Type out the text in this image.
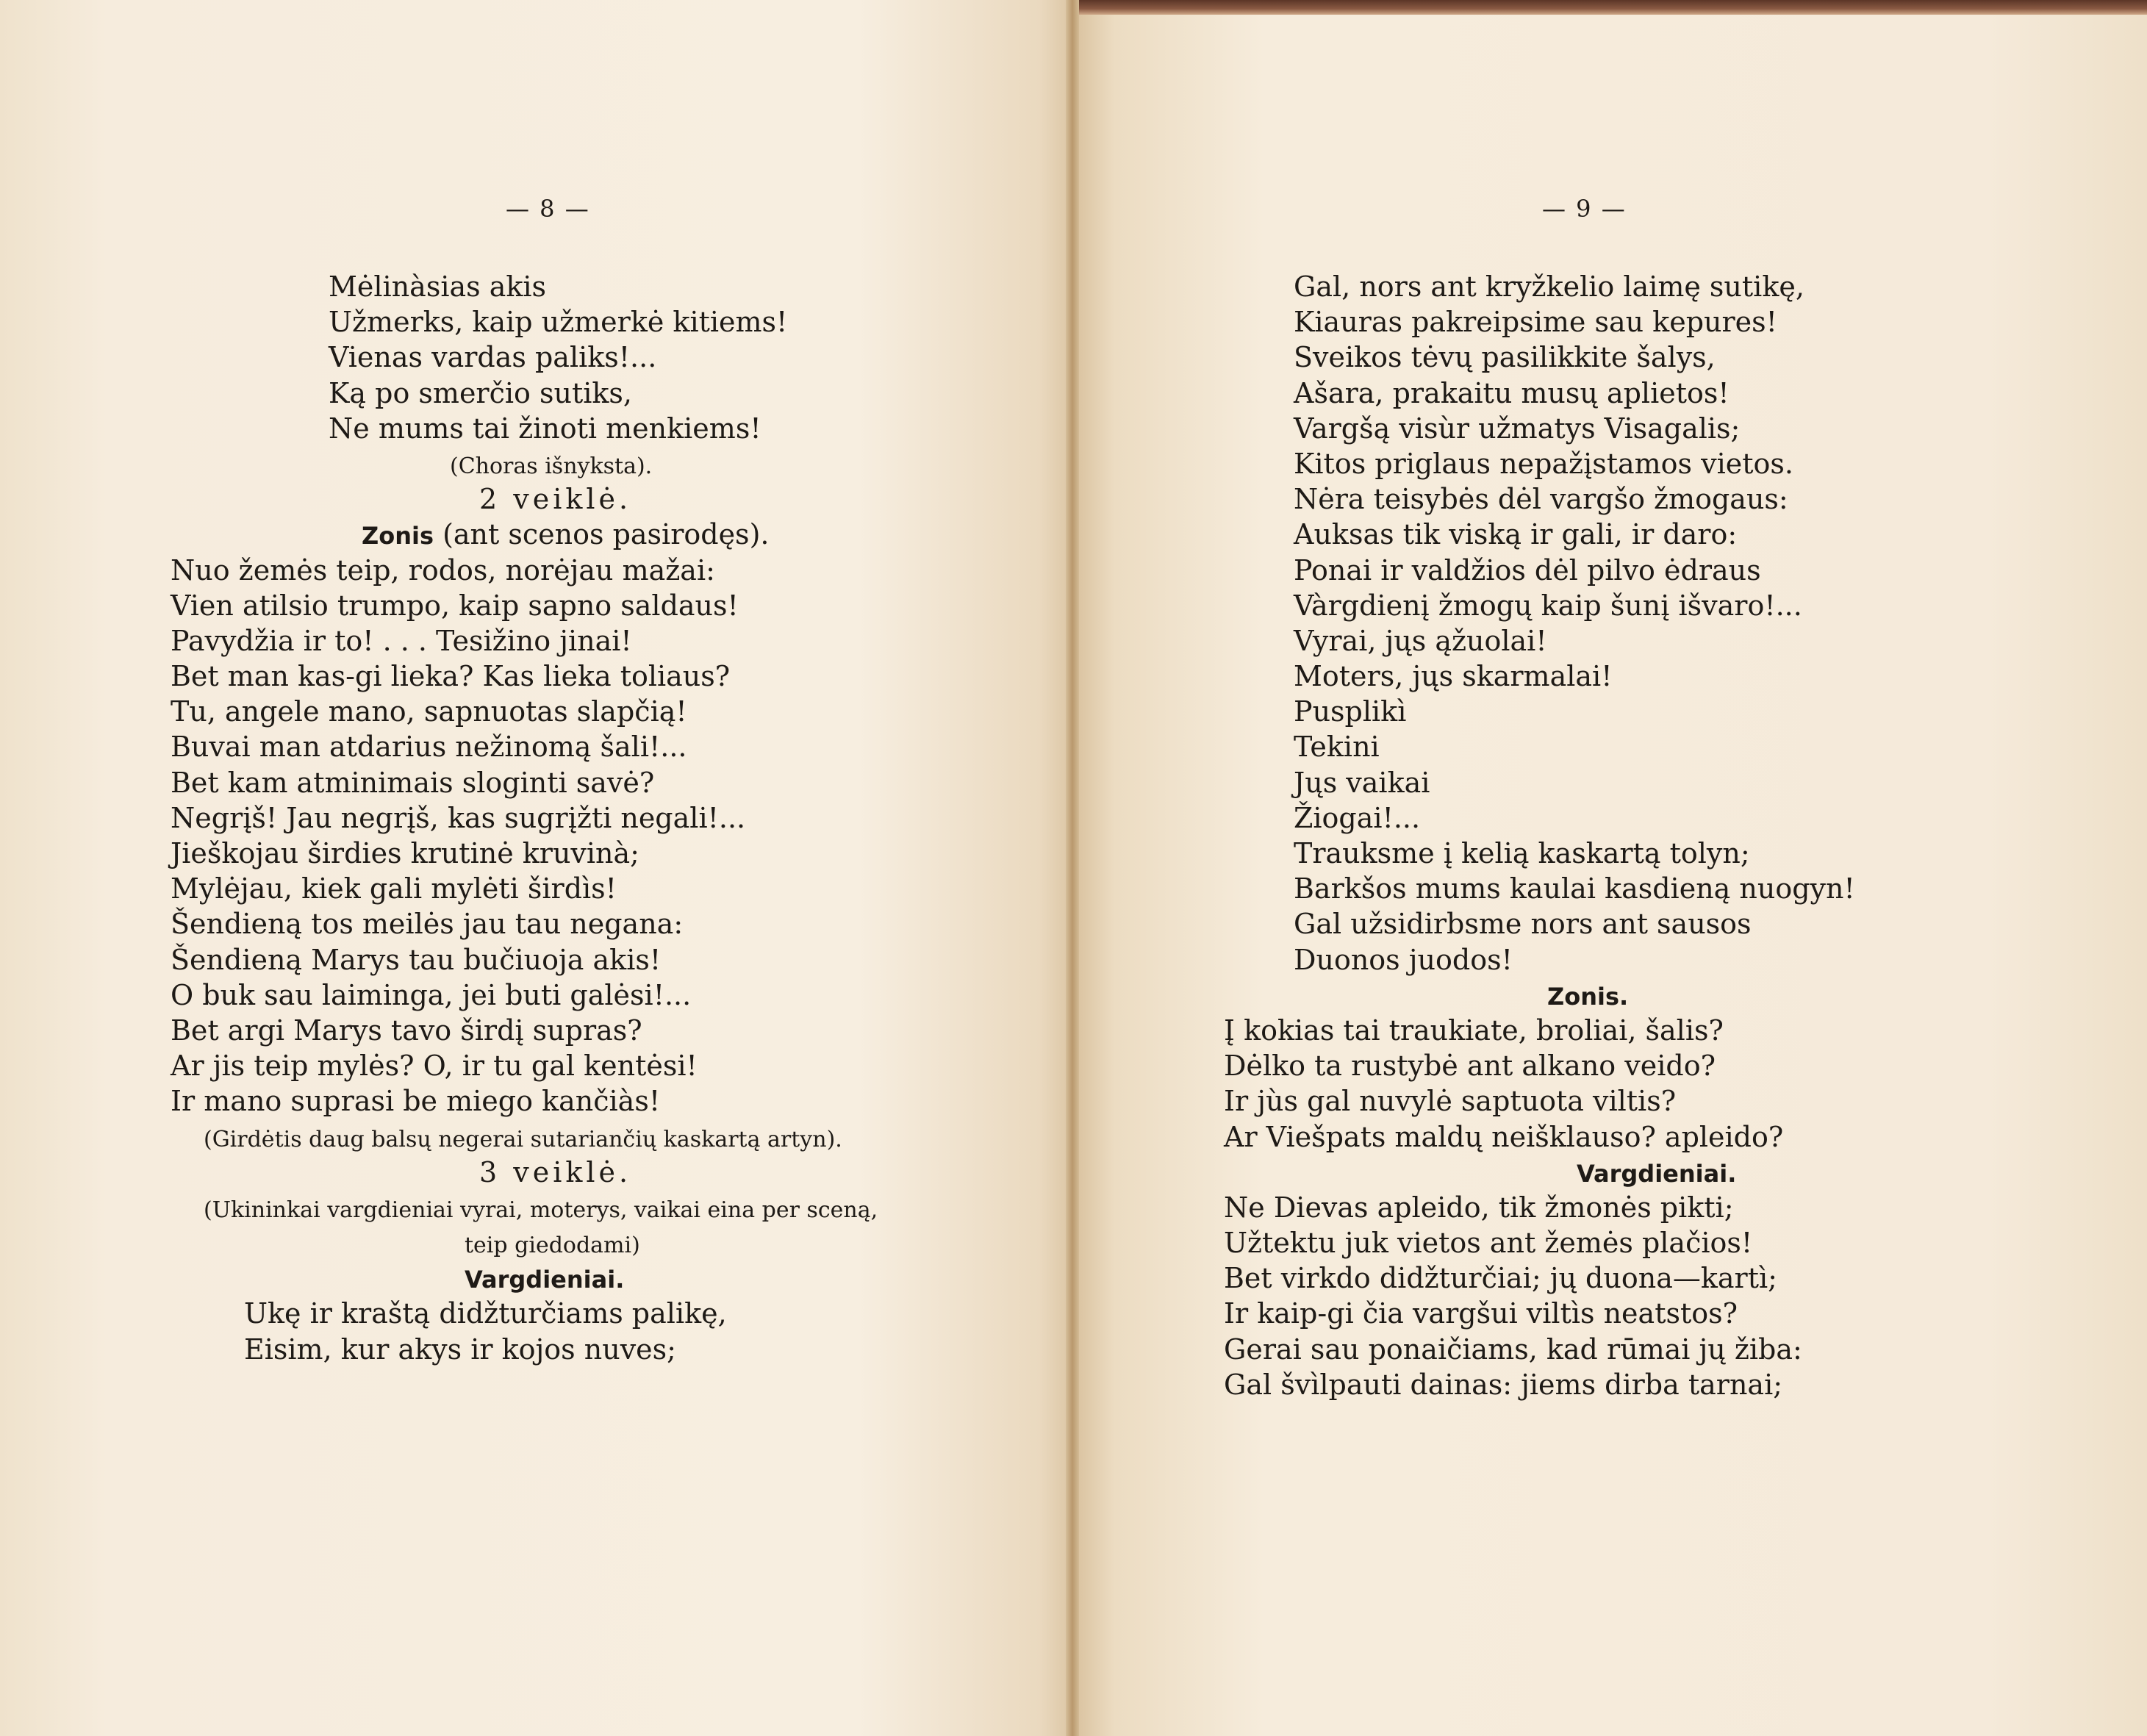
— 8 —	— 9 —
Mėlinàsias akis
Užmerks, kaip užmerkė kitiems!
Vienas vardas paliks!...
Ką po smerčio sutiks,
Ne mums tai žinoti menkiems!
(Choras išnyksta).
2 veiklė.
Zonis (ant scenos pasirodęs).
Nuo žemės teip, rodos, norėjau mažai:
Vien atilsio trumpo, kaip sapno saldaus!
Pavydžia ir to! . . . Tesižino jinai!
Bet man kas-gi lieka? Kas lieka toliaus?
Tu, angele mano, sapnuotas slapčią!
Buvai man atdarius nežinomą šali!...
Bet kam atminimais sloginti savė?
Negrįš! Jau negrįš, kas sugrįžti negali!...
Jieškojau širdies krutinė kruvinà;
Mylėjau, kiek gali mylėti širdìs!
Šendieną tos meilės jau tau negana:
Šendieną Marys tau bučiuoja akis!
O buk sau laiminga, jei buti galėsi!...
Bet argi Marys tavo širdį supras?
Ar jis teip mylės? O, ir tu gal kentėsi!
Ir mano suprasi be miego kančiàs!
(Girdėtis daug balsų negerai sutariančių kaskartą artyn).
3 veiklė.
(Ukininkai vargdieniai vyrai, moterys, vaikai eina per sceną,
teip giedodami)
Vargdieniai.
Ukę ir kraštą didžturčiams palikę,
Eisim, kur akys ir kojos nuves;
Gal, nors ant kryžkelio laimę sutikę,
Kiauras pakreipsime sau kepures!
Sveikos tėvų pasilikkite šalys,
Ašara, prakaitu musų aplietos!
Vargšą visùr užmatys Visagalis;
Kitos priglaus nepažįstamos vietos.
Nėra teisybės dėl vargšo žmogaus:
Auksas tik viską ir gali, ir daro:
Ponai ir valdžios dėl pilvo ėdraus
Vàrgdienį žmogų kaip šunį išvaro!...
Vyrai, jųs ąžuolai!
Moters, jųs skarmalai!
Pusplikì
Tekini
Jųs vaikai
Žiogai!...
Trauksme į kelią kaskartą tolyn;
Barkšos mums kaulai kasdieną nuogyn!
Gal užsidirbsme nors ant sausos
Duonos juodos!
Zonis.
Į kokias tai traukiate, broliai, šalis?
Dėlko ta rustybė ant alkano veido?
Ir jùs gal nuvylė saptuota viltis?
Ar Viešpats maldų neišklauso? apleido?
Vargdieniai.
Ne Dievas apleido, tik žmonės pikti;
Užtektu juk vietos ant žemės plačios!
Bet virkdo didžturčiai; jų duona—kartì;
Ir kaip-gi čia vargšui viltìs neatstos?
Gerai sau ponaičiams, kad rūmai jų žiba:
Gal švìlpauti dainas: jiems dirba tarnai;
